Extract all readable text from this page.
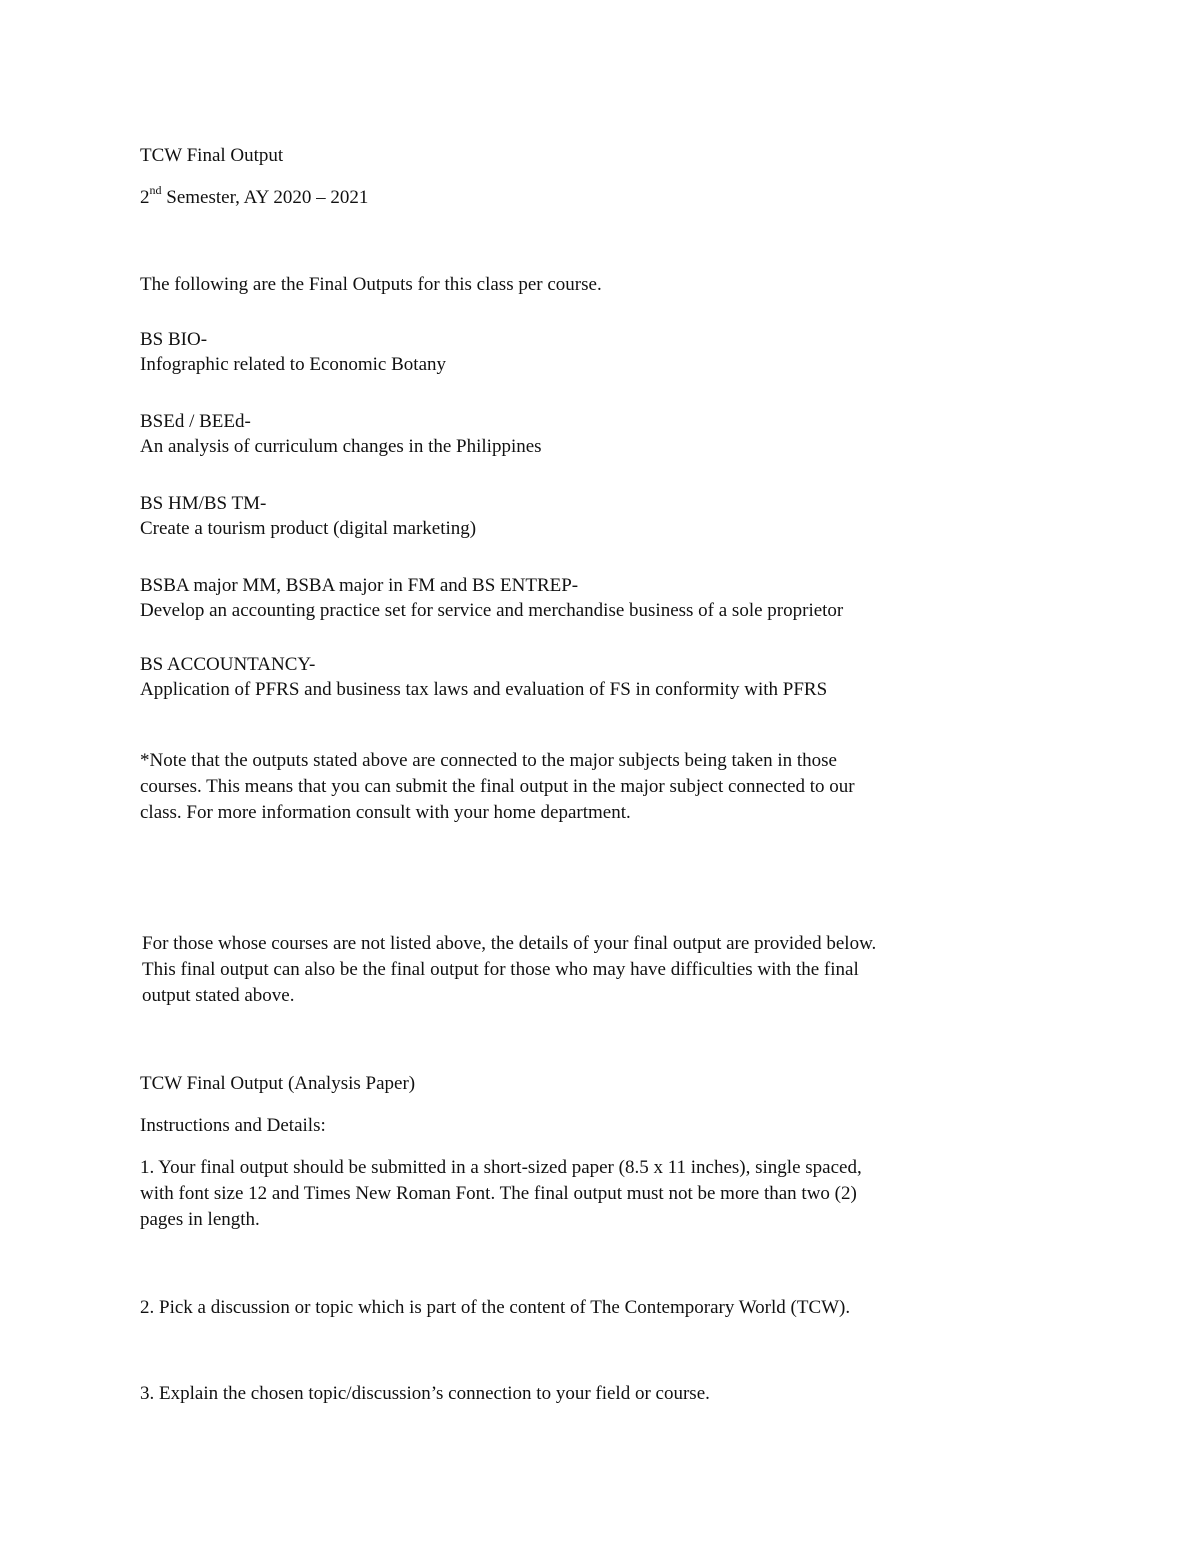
TCW Final Output

2nd Semester, AY 2020 – 2021

The following are the Final Outputs for this class per course.

BS BIO-

Infographic related to Economic Botany

BSEd / BEEd-

An analysis of curriculum changes in the Philippines

BS HM/BS TM-

Create a tourism product (digital marketing)

BSBA major MM, BSBA major in FM and BS ENTREP-

Develop an accounting practice set for service and merchandise business of a sole proprietor

BS ACCOUNTANCY-

Application of PFRS and business tax laws and evaluation of FS in conformity with PFRS

*Note that the outputs stated above are connected to the major subjects being taken in those

courses. This means that you can submit the final output in the major subject connected to our

class. For more information consult with your home department.

For those whose courses are not listed above, the details of your final output are provided below.

This final output can also be the final output for those who may have difficulties with the final

output stated above.

TCW Final Output (Analysis Paper)

Instructions and Details:

1. Your final output should be submitted in a short-sized paper (8.5 x 11 inches), single spaced,

with font size 12 and Times New Roman Font. The final output must not be more than two (2)

pages in length.

2. Pick a discussion or topic which is part of the content of The Contemporary World (TCW).

3. Explain the chosen topic/discussion’s connection to your field or course.
